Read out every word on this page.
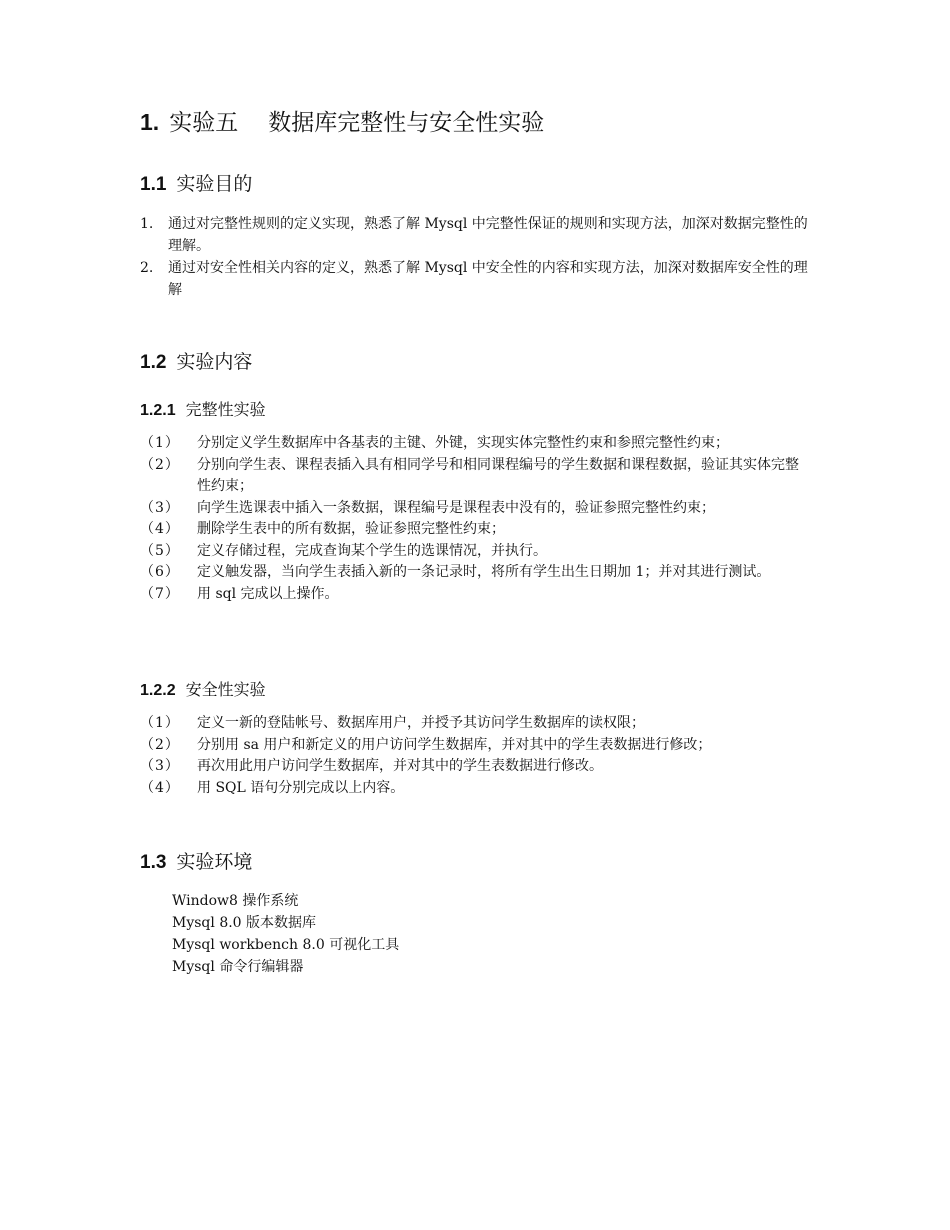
1. 实验五 数据库完整性与安全性实验
1.1 实验目的
1. 通过对完整性规则的定义实现，熟悉了解 Mysql 中完整性保证的规则和实现方法，加深对数据完整性的理解。
2. 通过对安全性相关内容的定义，熟悉了解 Mysql 中安全性的内容和实现方法，加深对数据库安全性的理解
1.2 实验内容
1.2.1 完整性实验
（1） 分别定义学生数据库中各基表的主键、外键，实现实体完整性约束和参照完整性约束；
（2） 分别向学生表、课程表插入具有相同学号和相同课程编号的学生数据和课程数据，验证其实体完整性约束；
（3） 向学生选课表中插入一条数据，课程编号是课程表中没有的，验证参照完整性约束；
（4） 删除学生表中的所有数据，验证参照完整性约束；
（5） 定义存储过程，完成查询某个学生的选课情况，并执行。
（6） 定义触发器，当向学生表插入新的一条记录时，将所有学生出生日期加 1；并对其进行测试。
（7） 用 sql 完成以上操作。
1.2.2 安全性实验
（1） 定义一新的登陆帐号、数据库用户，并授予其访问学生数据库的读权限；
（2） 分别用 sa 用户和新定义的用户访问学生数据库，并对其中的学生表数据进行修改；
（3） 再次用此用户访问学生数据库，并对其中的学生表数据进行修改。
（4） 用 SQL 语句分别完成以上内容。
1.3 实验环境
Window8 操作系统
Mysql 8.0 版本数据库
Mysql workbench 8.0 可视化工具
Mysql 命令行编辑器
